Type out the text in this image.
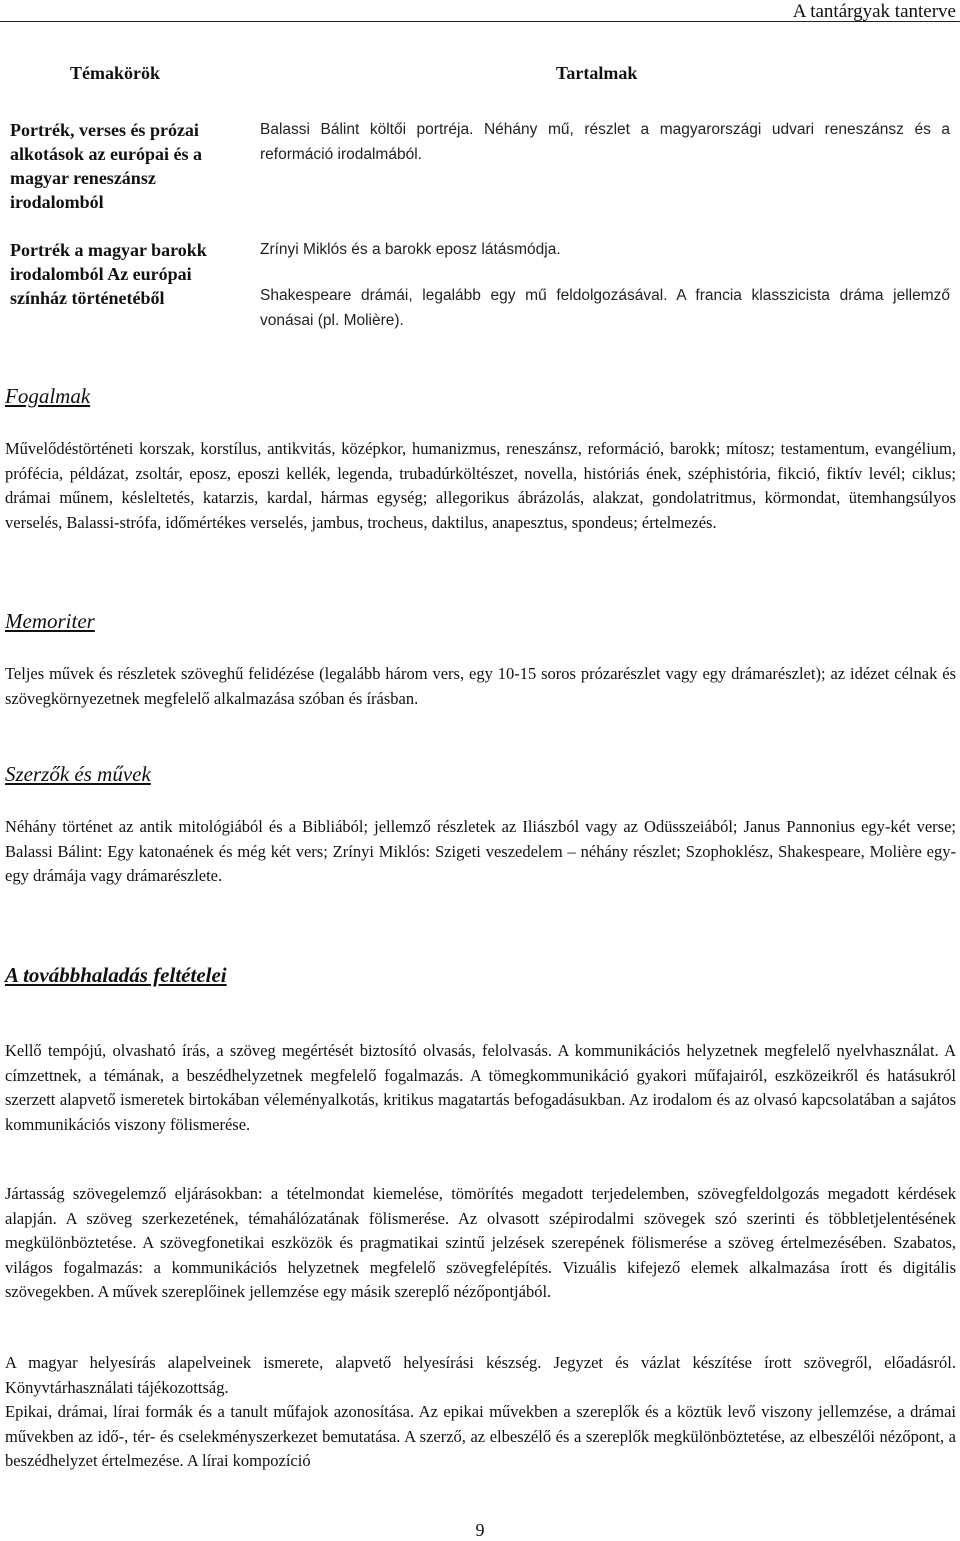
A tantárgyak tanterve
Témakörök	Tartalmak
Portrék, verses és prózai alkotások az európai és a magyar reneszánsz irodalomból
Balassi Bálint költői portréja. Néhány mű, részlet a magyarországi udvari reneszánsz és a reformáció irodalmából.
Portrék a magyar barokk irodalomból Az európai színház történetéből
Zrínyi Miklós és a barokk eposz látásmódja.
Shakespeare drámái, legalább egy mű feldolgozásával. A francia klasszicista dráma jellemző vonásai (pl. Molière).
Fogalmak
Művelődéstörténeti korszak, korstílus, antikvitás, középkor, humanizmus, reneszánsz, reformáció, barokk; mítosz; testamentum, evangélium, prófécia, példázat, zsoltár, eposz, eposzi kellék, legenda, trubadúrköltészet, novella, históriás ének, széphistória, fikció, fiktív levél; ciklus; drámai műnem, késleltetés, katarzis, kardal, hármas egység; allegorikus ábrázolás, alakzat, gondolatritmus, körmondat, ütemhangsúlyos verselés, Balassi-strófa, időmértékes verselés, jambus, trocheus, daktilus, anapesztus, spondeus; értelmezés.
Memoriter
Teljes művek és részletek szöveghű felidézése (legalább három vers, egy 10-15 soros prózarészlet vagy egy drámarészlet); az idézet célnak és szövegkörnyezetnek megfelelő alkalmazása szóban és írásban.
Szerzők és művek
Néhány történet az antik mitológiából és a Bibliából; jellemző részletek az Iliászból vagy az Odüsszeiából; Janus Pannonius egy-két verse; Balassi Bálint: Egy katonaének és még két vers; Zrínyi Miklós: Szigeti veszedelem – néhány részlet; Szophoklész, Shakespeare, Molière egy-egy drámája vagy drámarészlete.
A továbbhaladás feltételei
Kellő tempójú, olvasható írás, a szöveg megértését biztosító olvasás, felolvasás. A kommunikációs helyzetnek megfelelő nyelvhasználat. A címzettnek, a témának, a beszédhelyzetnek megfelelő fogalmazás. A tömegkommunikáció gyakori műfajairól, eszközeikről és hatásukról szerzett alapvető ismeretek birtokában véleményalkotás, kritikus magatartás befogadásukban. Az irodalom és az olvasó kapcsolatában a sajátos kommunikációs viszony fölismerése.
Jártasság szövegelemző eljárásokban: a tételmondat kiemelése, tömörítés megadott terjedelemben, szövegfeldolgozás megadott kérdések alapján. A szöveg szerkezetének, témahálózatának fölismerése. Az olvasott szépirodalmi szövegek szó szerinti és többletjelentésének megkülönböztetése. A szövegfonetikai eszközök és pragmatikai szintű jelzések szerepének fölismerése a szöveg értelmezésében. Szabatos, világos fogalmazás: a kommunikációs helyzetnek megfelelő szövegfelépítés. Vizuális kifejező elemek alkalmazása írott és digitális szövegekben. A művek szereplőinek jellemzése egy másik szereplő nézőpontjából.
A magyar helyesírás alapelveinek ismerete, alapvető helyesírási készség. Jegyzet és vázlat készítése írott szövegről, előadásról. Könyvtárhasználati tájékozottság.
Epikai, drámai, lírai formák és a tanult műfajok azonosítása. Az epikai művekben a szereplők és a köztük levő viszony jellemzése, a drámai művekben az idő-, tér- és cselekményszerkezet bemutatása. A szerző, az elbeszélő és a szereplők megkülönböztetése, az elbeszélői nézőpont, a beszédhelyzet értelmezése. A lírai kompozíció
9
